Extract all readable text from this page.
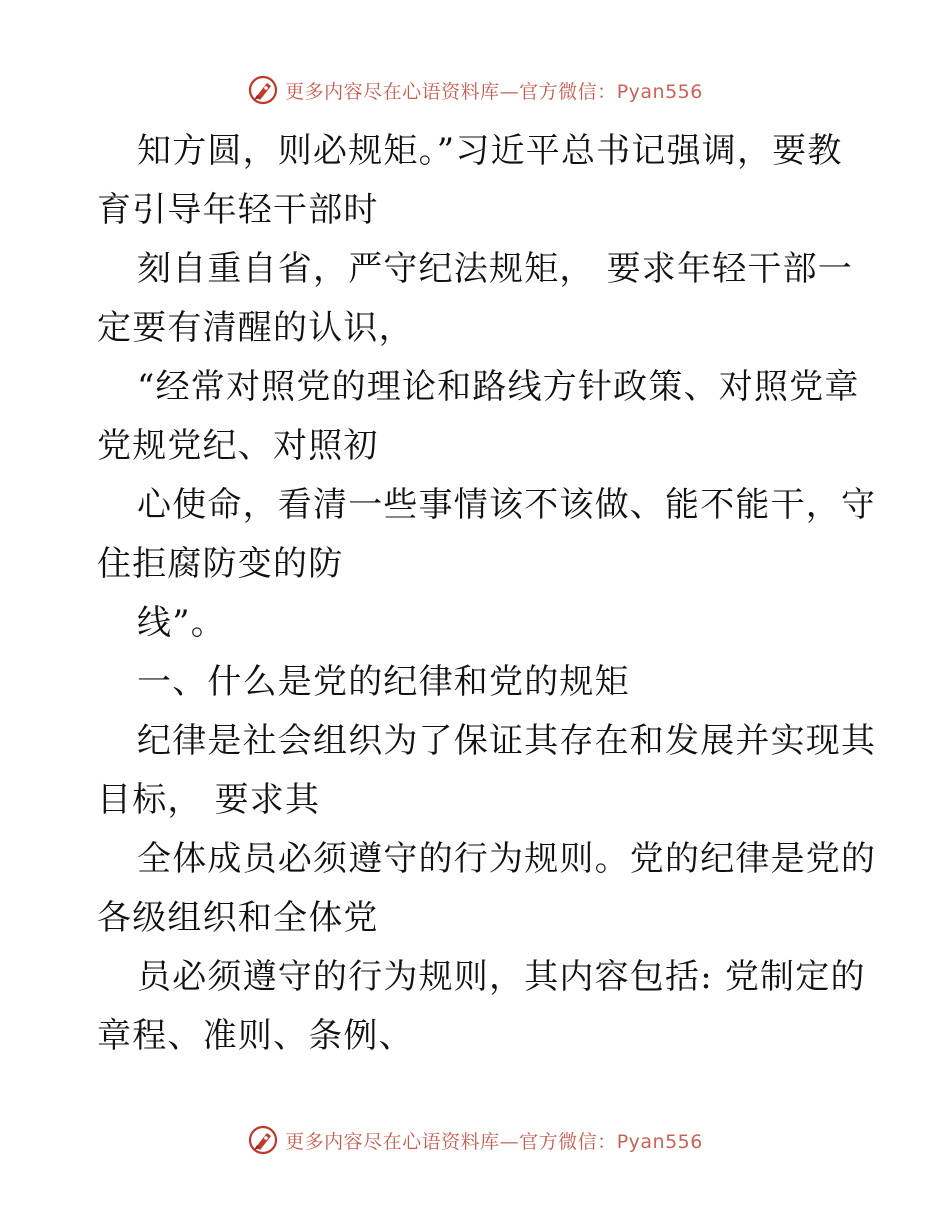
更多内容尽在心语资料库—官方微信：Pyan556
知方圆，则必规矩。”习近平总书记强调，要教
育引导年轻干部时
刻自重自省，严守纪法规矩， 要求年轻干部一
定要有清醒的认识，
“经常对照党的理论和路线方针政策、对照党章
党规党纪、对照初
心使命，看清一些事情该不该做、能不能干，守
住拒腐防变的防
线”。
一、什么是党的纪律和党的规矩
纪律是社会组织为了保证其存在和发展并实现其
目标， 要求其
全体成员必须遵守的行为规则。党的纪律是党的
各级组织和全体党
员必须遵守的行为规则，其内容包括: 党制定的
章程、准则、条例、
更多内容尽在心语资料库—官方微信：Pyan556
